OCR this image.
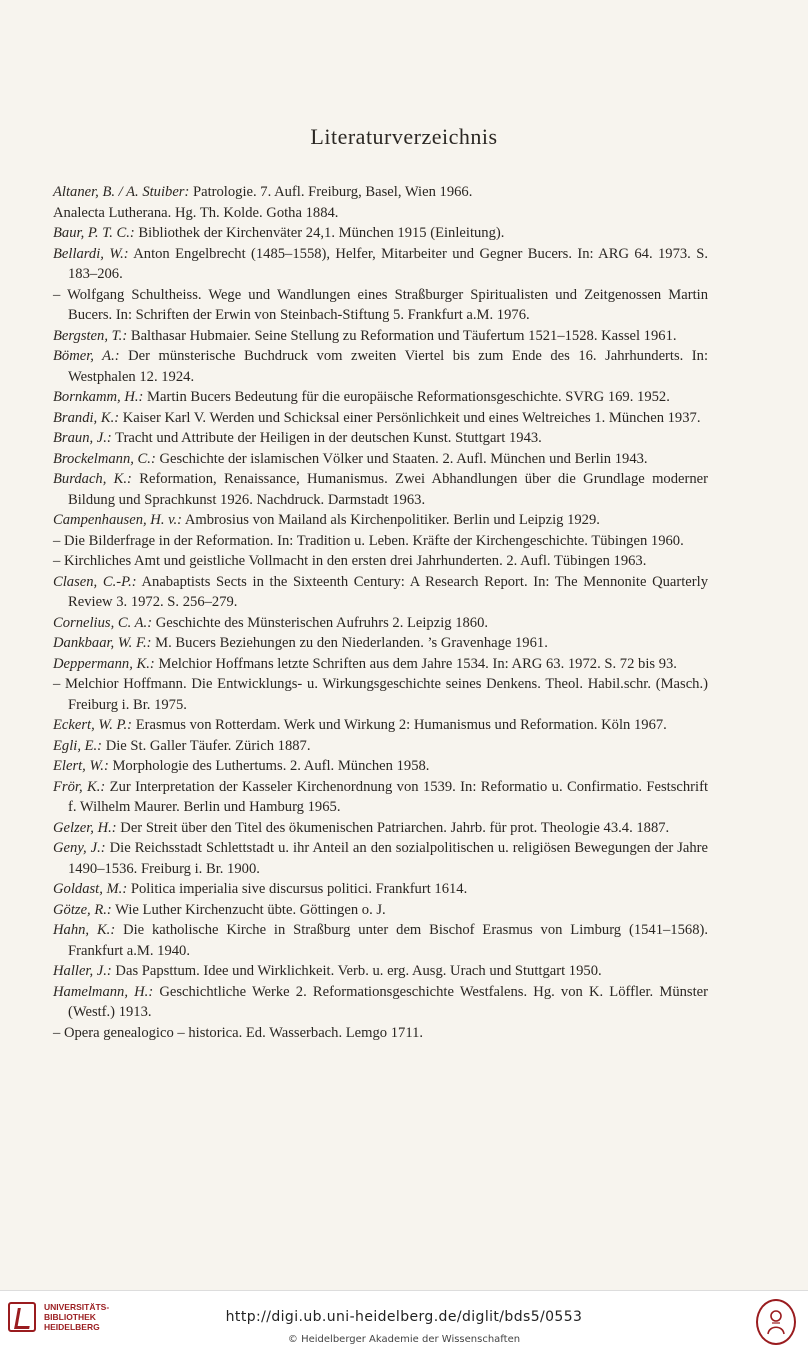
Literaturverzeichnis

Altaner, B. / A. Stuiber: Patrologie. 7. Aufl. Freiburg, Basel, Wien 1966.

Analecta Lutherana. Hg. Th. Kolde. Gotha 1884.

Baur, P. T. C.: Bibliothek der Kirchenväter 24,1. München 1915 (Einleitung).

Bellardi, W.: Anton Engelbrecht (1485–1558), Helfer, Mitarbeiter und Gegner Bucers. In: ARG 64. 1973. S. 183–206.

– Wolfgang Schultheiss. Wege und Wandlungen eines Straßburger Spiritualisten und Zeitgenossen Martin Bucers. In: Schriften der Erwin von Steinbach-Stiftung 5. Frankfurt a.M. 1976.

Bergsten, T.: Balthasar Hubmaier. Seine Stellung zu Reformation und Täufertum 1521–1528. Kassel 1961.

Bömer, A.: Der münsterische Buchdruck vom zweiten Viertel bis zum Ende des 16. Jahrhunderts. In: Westphalen 12. 1924.

Bornkamm, H.: Martin Bucers Bedeutung für die europäische Reformationsgeschichte. SVRG 169. 1952.

Brandi, K.: Kaiser Karl V. Werden und Schicksal einer Persönlichkeit und eines Weltreiches 1. München 1937.

Braun, J.: Tracht und Attribute der Heiligen in der deutschen Kunst. Stuttgart 1943.

Brockelmann, C.: Geschichte der islamischen Völker und Staaten. 2. Aufl. München und Berlin 1943.

Burdach, K.: Reformation, Renaissance, Humanismus. Zwei Abhandlungen über die Grundlage moderner Bildung und Sprachkunst 1926. Nachdruck. Darmstadt 1963.

Campenhausen, H. v.: Ambrosius von Mailand als Kirchenpolitiker. Berlin und Leipzig 1929.

– Die Bilderfrage in der Reformation. In: Tradition u. Leben. Kräfte der Kirchengeschichte. Tübingen 1960.

– Kirchliches Amt und geistliche Vollmacht in den ersten drei Jahrhunderten. 2. Aufl. Tübingen 1963.

Clasen, C.-P.: Anabaptists Sects in the Sixteenth Century: A Research Report. In: The Mennonite Quarterly Review 3. 1972. S. 256–279.

Cornelius, C. A.: Geschichte des Münsterischen Aufruhrs 2. Leipzig 1860.

Dankbaar, W. F.: M. Bucers Beziehungen zu den Niederlanden. ’s Gravenhage 1961.

Deppermann, K.: Melchior Hoffmans letzte Schriften aus dem Jahre 1534. In: ARG 63. 1972. S. 72 bis 93.

– Melchior Hoffmann. Die Entwicklungs- u. Wirkungsgeschichte seines Denkens. Theol. Habil.schr. (Masch.) Freiburg i. Br. 1975.

Eckert, W. P.: Erasmus von Rotterdam. Werk und Wirkung 2: Humanismus und Reformation. Köln 1967.

Egli, E.: Die St. Galler Täufer. Zürich 1887.

Elert, W.: Morphologie des Luthertums. 2. Aufl. München 1958.

Frör, K.: Zur Interpretation der Kasseler Kirchenordnung von 1539. In: Reformatio u. Confirmatio. Festschrift f. Wilhelm Maurer. Berlin und Hamburg 1965.

Gelzer, H.: Der Streit über den Titel des ökumenischen Patriarchen. Jahrb. für prot. Theologie 43.4. 1887.

Geny, J.: Die Reichsstadt Schlettstadt u. ihr Anteil an den sozialpolitischen u. religiösen Bewegungen der Jahre 1490–1536. Freiburg i. Br. 1900.

Goldast, M.: Politica imperialia sive discursus politici. Frankfurt 1614.

Götze, R.: Wie Luther Kirchenzucht übte. Göttingen o. J.

Hahn, K.: Die katholische Kirche in Straßburg unter dem Bischof Erasmus von Limburg (1541–1568). Frankfurt a.M. 1940.

Haller, J.: Das Papsttum. Idee und Wirklichkeit. Verb. u. erg. Ausg. Urach und Stuttgart 1950.

Hamelmann, H.: Geschichtliche Werke 2. Reformationsgeschichte Westfalens. Hg. von K. Löffler. Münster (Westf.) 1913.

– Opera genealogico – historica. Ed. Wasserbach. Lemgo 1711.

UNIVERSITÄTS-
BIBLIOTHEK
HEIDELBERG
http://digi.ub.uni-heidelberg.de/diglit/bds5/0553
© Heidelberger Akademie der Wissenschaften
